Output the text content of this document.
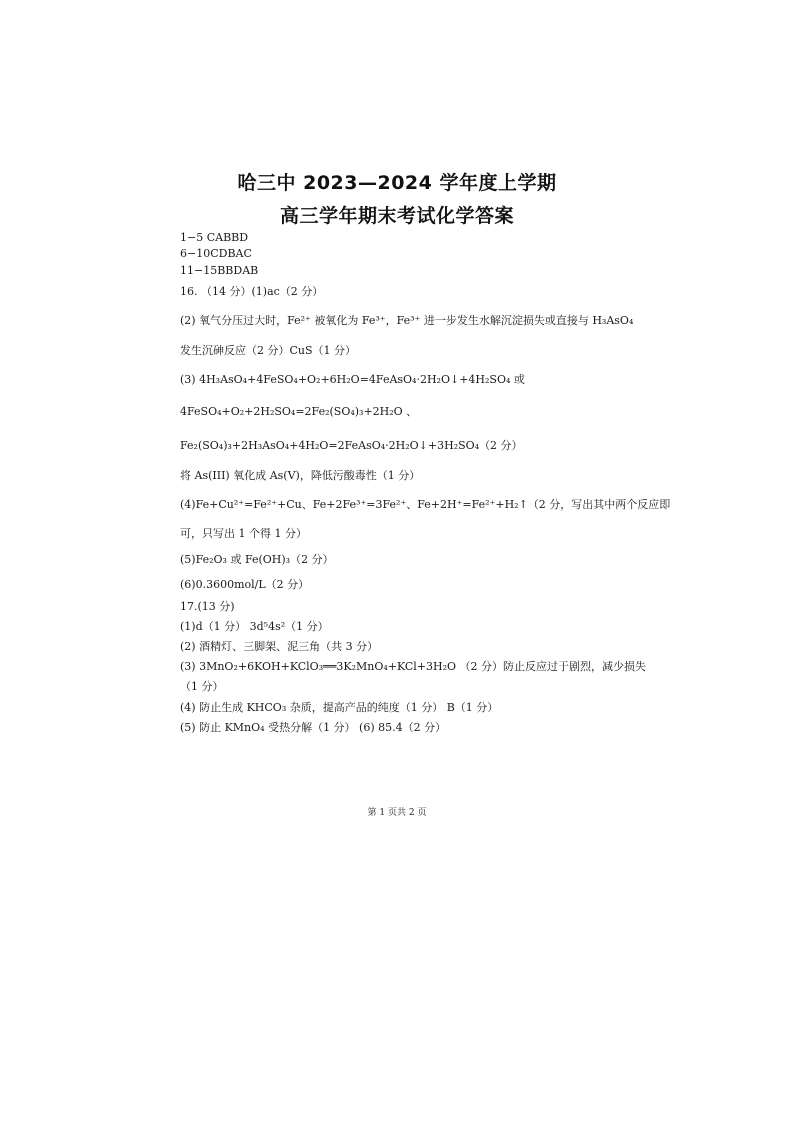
哈三中 2023—2024 学年度上学期
高三学年期末考试化学答案
1−5 CABBD
6−10CDBAC
11−15BBDAB
16. （14 分）(1)ac（2 分）
(2) 氧气分压过大时，Fe²⁺ 被氧化为 Fe³⁺，Fe³⁺ 进一步发生水解沉淀损失或直接与 H₃AsO₄
发生沉砷反应（2 分）CuS（1 分）
(3) 4H₃AsO₄+4FeSO₄+O₂+6H₂O=4FeAsO₄·2H₂O↓+4H₂SO₄ 或
4FeSO₄+O₂+2H₂SO₄=2Fe₂(SO₄)₃+2H₂O 、
Fe₂(SO₄)₃+2H₃AsO₄+4H₂O=2FeAsO₄·2H₂O↓+3H₂SO₄（2 分）
将 As(III) 氧化成 As(V)，降低污酸毒性（1 分）
(4)Fe+Cu²⁺=Fe²⁺+Cu、Fe+2Fe³⁺=3Fe²⁺、Fe+2H⁺=Fe²⁺+H₂↑（2 分，写出其中两个反应即
可，只写出 1 个得 1 分）
(5)Fe₂O₃ 或 Fe(OH)₃（2 分）
(6)0.3600mol/L（2 分）
17.(13 分)
(1)d（1 分） 3d⁵4s²（1 分）
(2) 酒精灯、三脚架、泥三角（共 3 分）
(3) 3MnO₂+6KOH+KClO₃══3K₂MnO₄+KCl+3H₂O （2 分）防止反应过于剧烈，减少损失
（1 分）
(4) 防止生成 KHCO₃ 杂质，提高产品的纯度（1 分） B（1 分）
(5) 防止 KMnO₄ 受热分解（1 分） (6) 85.4（2 分）
第 1 页共 2 页
